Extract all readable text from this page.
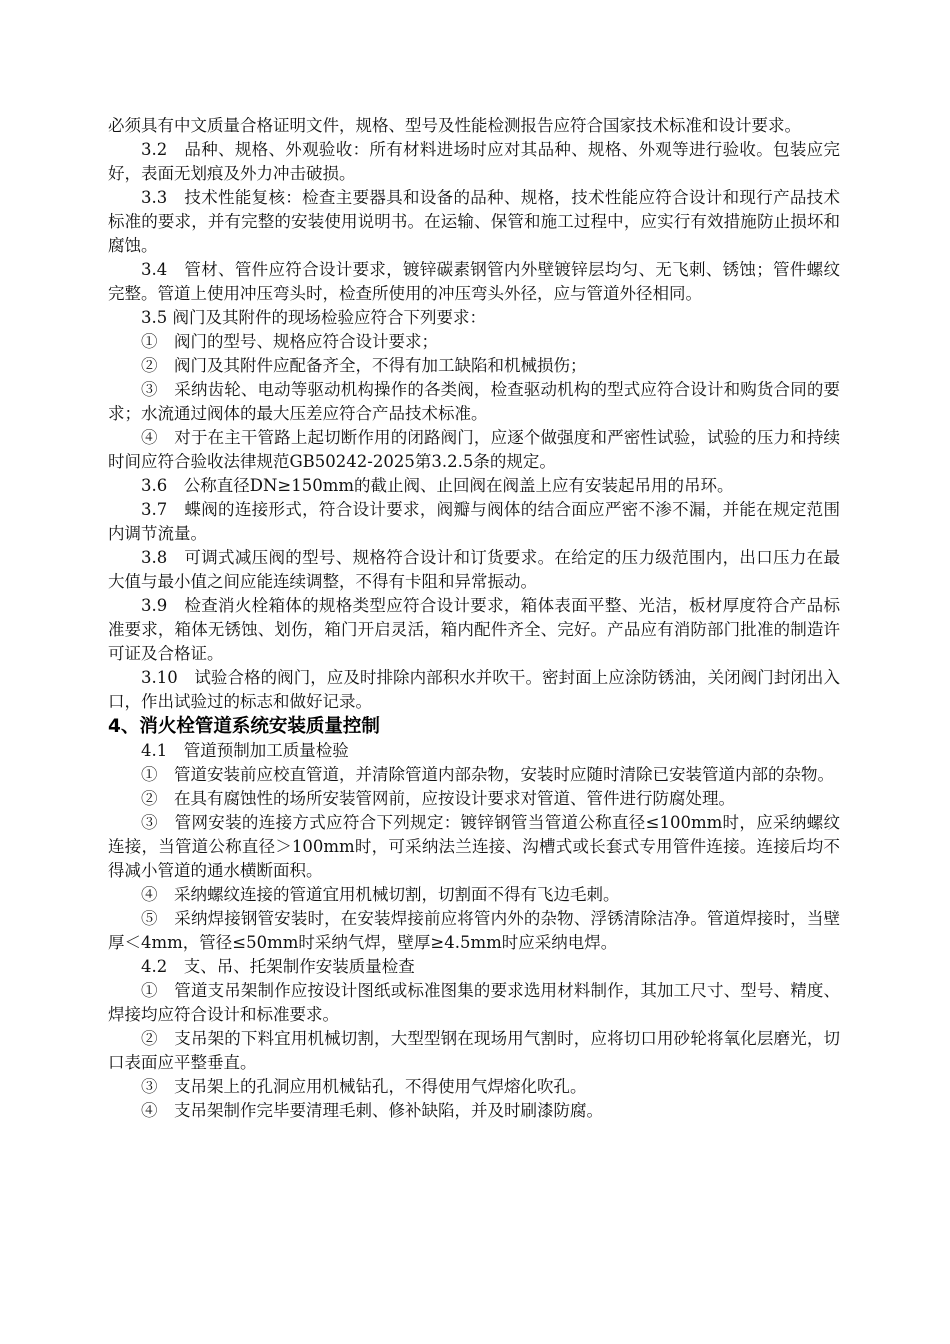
必须具有中文质量合格证明文件，规格、型号及性能检测报告应符合国家技术标准和设计要求。

3.2　品种、规格、外观验收：所有材料进场时应对其品种、规格、外观等进行验收。包装应完好，表面无划痕及外力冲击破损。

3.3　技术性能复核：检查主要器具和设备的品种、规格，技术性能应符合设计和现行产品技术标准的要求，并有完整的安装使用说明书。在运输、保管和施工过程中，应实行有效措施防止损坏和腐蚀。

3.4　管材、管件应符合设计要求，镀锌碳素钢管内外壁镀锌层均匀、无飞刺、锈蚀；管件螺纹完整。管道上使用冲压弯头时，检查所使用的冲压弯头外径，应与管道外径相同。

3.5 阀门及其附件的现场检验应符合下列要求：

①　阀门的型号、规格应符合设计要求；

②　阀门及其附件应配备齐全，不得有加工缺陷和机械损伤；

③　采纳齿轮、电动等驱动机构操作的各类阀，检查驱动机构的型式应符合设计和购货合同的要求；水流通过阀体的最大压差应符合产品技术标准。

④　对于在主干管路上起切断作用的闭路阀门，应逐个做强度和严密性试验，试验的压力和持续时间应符合验收法律规范GB50242-2025第3.2.5条的规定。

3.6　公称直径DN≥150mm的截止阀、止回阀在阀盖上应有安装起吊用的吊环。

3.7　蝶阀的连接形式，符合设计要求，阀瓣与阀体的结合面应严密不渗不漏，并能在规定范围内调节流量。

3.8　可调式减压阀的型号、规格符合设计和订货要求。在给定的压力级范围内，出口压力在最大值与最小值之间应能连续调整，不得有卡阻和异常振动。

3.9　检查消火栓箱体的规格类型应符合设计要求，箱体表面平整、光洁，板材厚度符合产品标准要求，箱体无锈蚀、划伤，箱门开启灵活，箱内配件齐全、完好。产品应有消防部门批准的制造许可证及合格证。

3.10　试验合格的阀门，应及时排除内部积水并吹干。密封面上应涂防锈油，关闭阀门封闭出入口，作出试验过的标志和做好记录。

4、消火栓管道系统安装质量控制

4.1　管道预制加工质量检验

①　管道安装前应校直管道，并清除管道内部杂物，安装时应随时清除已安装管道内部的杂物。

②　在具有腐蚀性的场所安装管网前，应按设计要求对管道、管件进行防腐处理。

③　管网安装的连接方式应符合下列规定：镀锌钢管当管道公称直径≤100mm时，应采纳螺纹连接，当管道公称直径＞100mm时，可采纳法兰连接、沟槽式或长套式专用管件连接。连接后均不得减小管道的通水横断面积。

④　采纳螺纹连接的管道宜用机械切割，切割面不得有飞边毛刺。

⑤　采纳焊接钢管安装时，在安装焊接前应将管内外的杂物、浮锈清除洁净。管道焊接时，当壁厚＜4mm，管径≤50mm时采纳气焊，壁厚≥4.5mm时应采纳电焊。

4.2　支、吊、托架制作安装质量检查

①　管道支吊架制作应按设计图纸或标准图集的要求选用材料制作，其加工尺寸、型号、精度、焊接均应符合设计和标准要求。

②　支吊架的下料宜用机械切割，大型型钢在现场用气割时，应将切口用砂轮将氧化层磨光，切口表面应平整垂直。

③　支吊架上的孔洞应用机械钻孔，不得使用气焊熔化吹孔。

④　支吊架制作完毕要清理毛刺、修补缺陷，并及时刷漆防腐。
